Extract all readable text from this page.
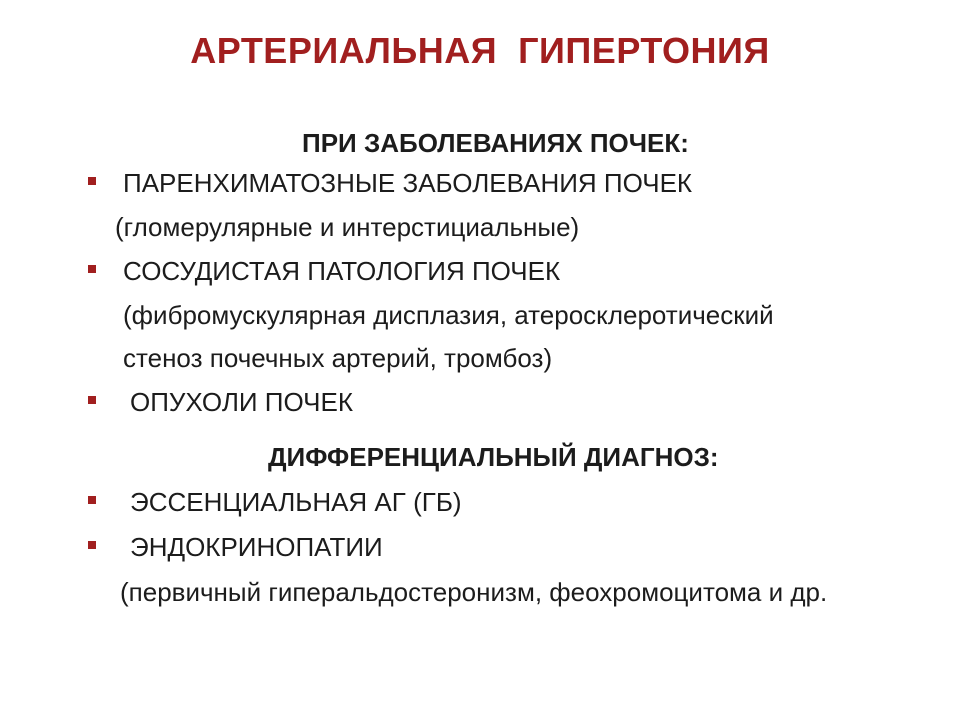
АРТЕРИАЛЬНАЯ  ГИПЕРТОНИЯ
ПРИ ЗАБОЛЕВАНИЯХ ПОЧЕК:
ПАРЕНХИМАТОЗНЫЕ ЗАБОЛЕВАНИЯ ПОЧЕК
(гломерулярные и интерстициальные)
СОСУДИСТАЯ ПАТОЛОГИЯ ПОЧЕК
(фибромускулярная дисплазия, атеросклеротический
стеноз почечных артерий, тромбоз)
ОПУХОЛИ ПОЧЕК
ДИФФЕРЕНЦИАЛЬНЫЙ ДИАГНОЗ:
ЭССЕНЦИАЛЬНАЯ АГ (ГБ)
ЭНДОКРИНОПАТИИ
(первичный гиперальдостеронизм, феохромоцитома и др.
